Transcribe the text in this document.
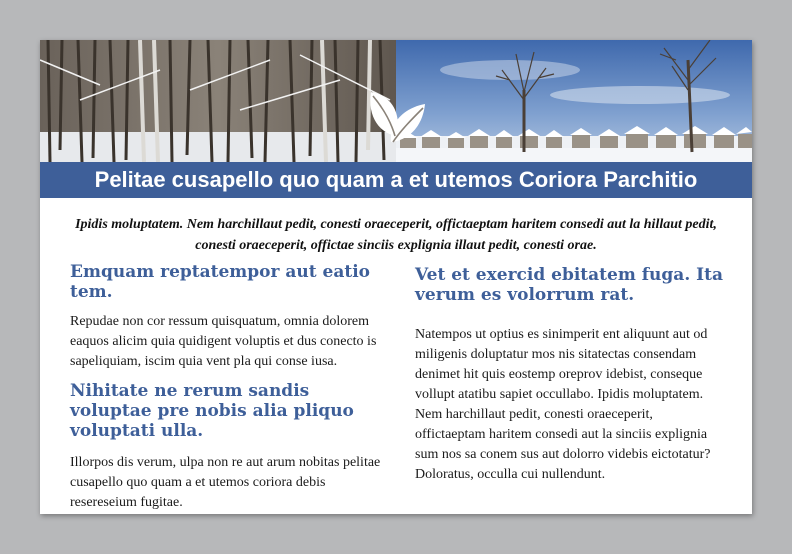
Pelitae cusapello quo quam a et utemos Coriora Parchitio
Ipidis moluptatem. Nem harchillaut pedit, conesti oraeceperit, offictaeptam haritem consedi aut la hillaut pedit, conesti oraeceperit, offictae sinciis explignia illaut pedit, conesti orae.
Emquam reptatempor aut eatio tem.

Repudae non cor ressum quisquatum, omnia dolorem eaquos alicim quia quidigent voluptis et dus conecto is sapeliquiam, iscim quia vent pla qui conse iusa.

Nihitate ne rerum sandis voluptae pre nobis alia pliquo voluptati ulla.

Illorpos dis verum, ulpa non re aut arum nobitas pelitae cusapello quo quam a et utemos coriora debis resereseium fugitae.

Vet et exercid ebitatem fuga. Ita verum es volorrum rat.

Natempos ut optius es sinimperit ent aliquunt aut od miligenis doluptatur mos nis sitatectas consendam denimet hit quis eostemp oreprov idebist, conseque vollupt atatibu sapiet occullabo. Ipidis moluptatem. Nem harchillaut pedit, conesti oraeceperit, offictaeptam haritem consedi aut la sinciis explignia sum nos sa conem sus aut dolorro videbis eictotatur? Doloratus, occulla cui nullendunt.
